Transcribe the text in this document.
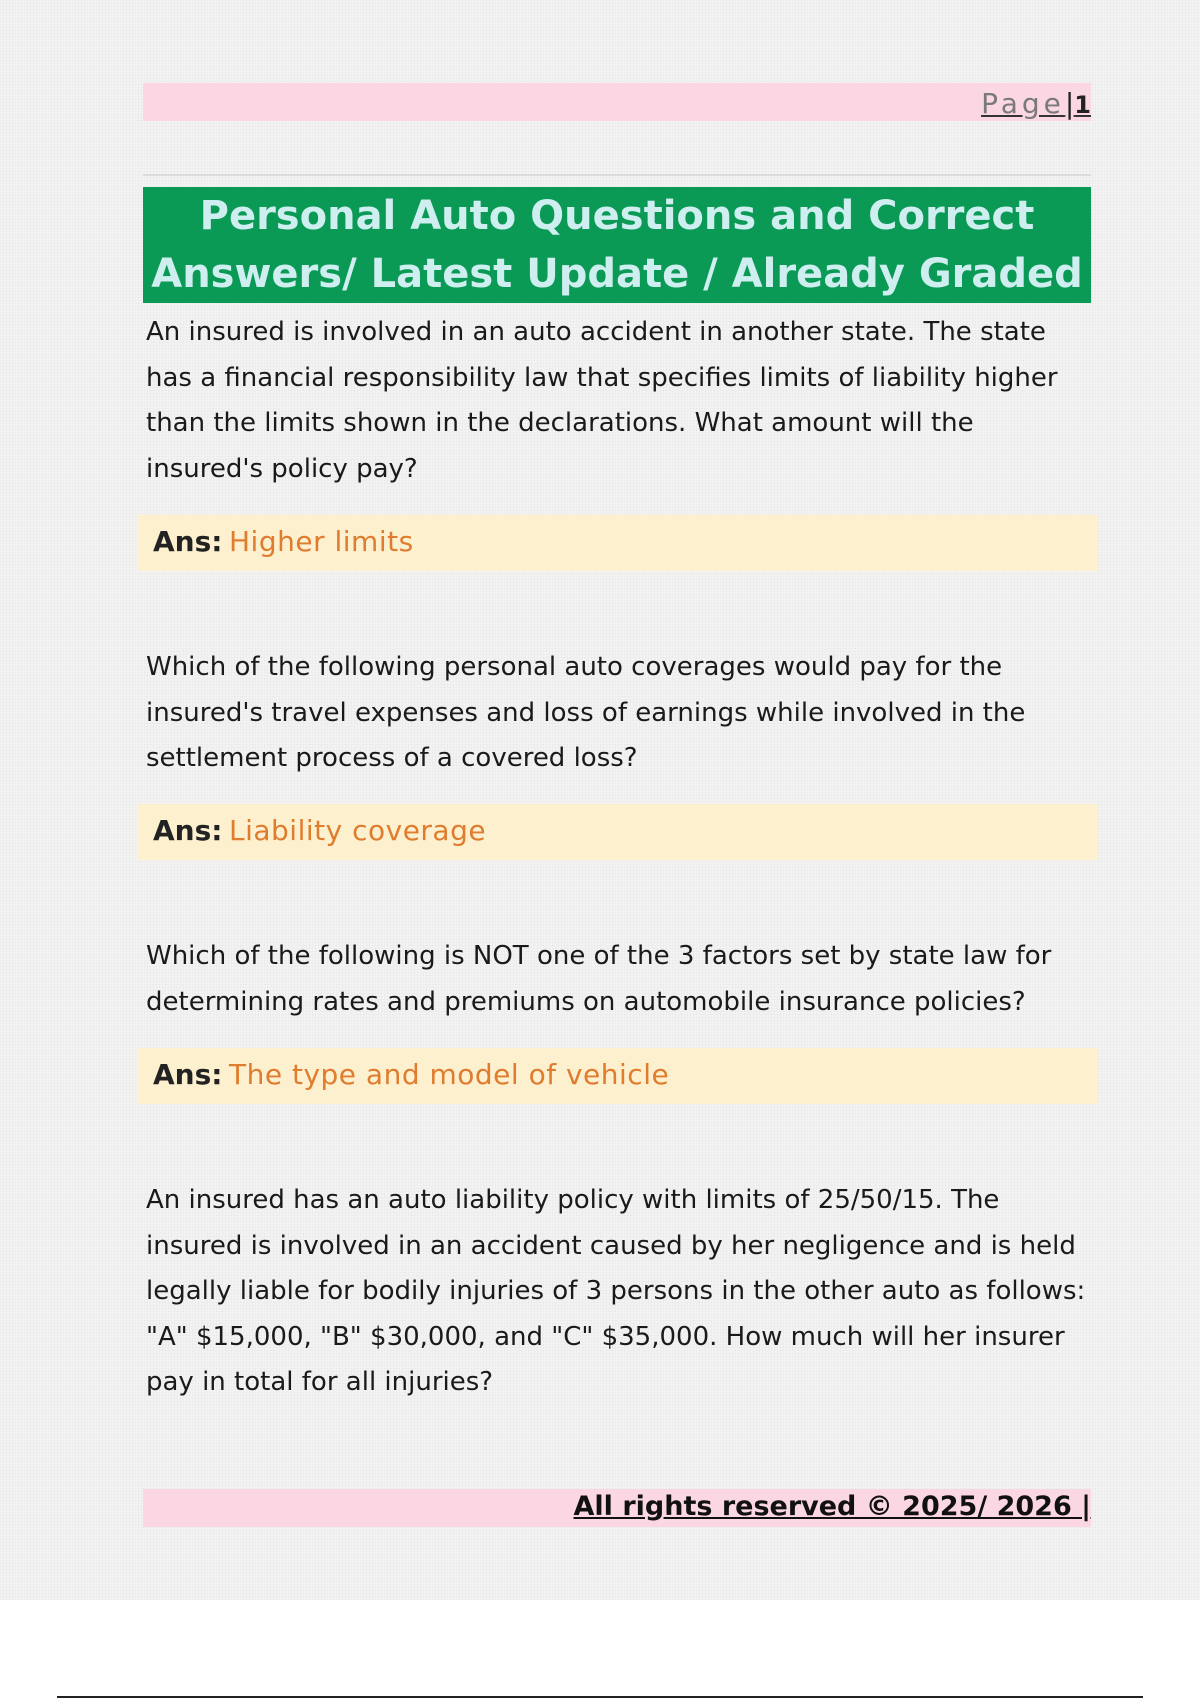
Page|1
Personal Auto Questions and Correct Answers/ Latest Update / Already Graded
An insured is involved in an auto accident in another state. The state has a financial responsibility law that specifies limits of liability higher than the limits shown in the declarations. What amount will the insured's policy pay?
Ans: Higher limits
Which of the following personal auto coverages would pay for the insured's travel expenses and loss of earnings while involved in the settlement process of a covered loss?
Ans: Liability coverage
Which of the following is NOT one of the 3 factors set by state law for determining rates and premiums on automobile insurance policies?
Ans: The type and model of vehicle
An insured has an auto liability policy with limits of 25/50/15. The insured is involved in an accident caused by her negligence and is held legally liable for bodily injuries of 3 persons in the other auto as follows: "A" $15,000, "B" $30,000, and "C" $35,000. How much will her insurer pay in total for all injuries?
All rights reserved © 2025/ 2026 |
